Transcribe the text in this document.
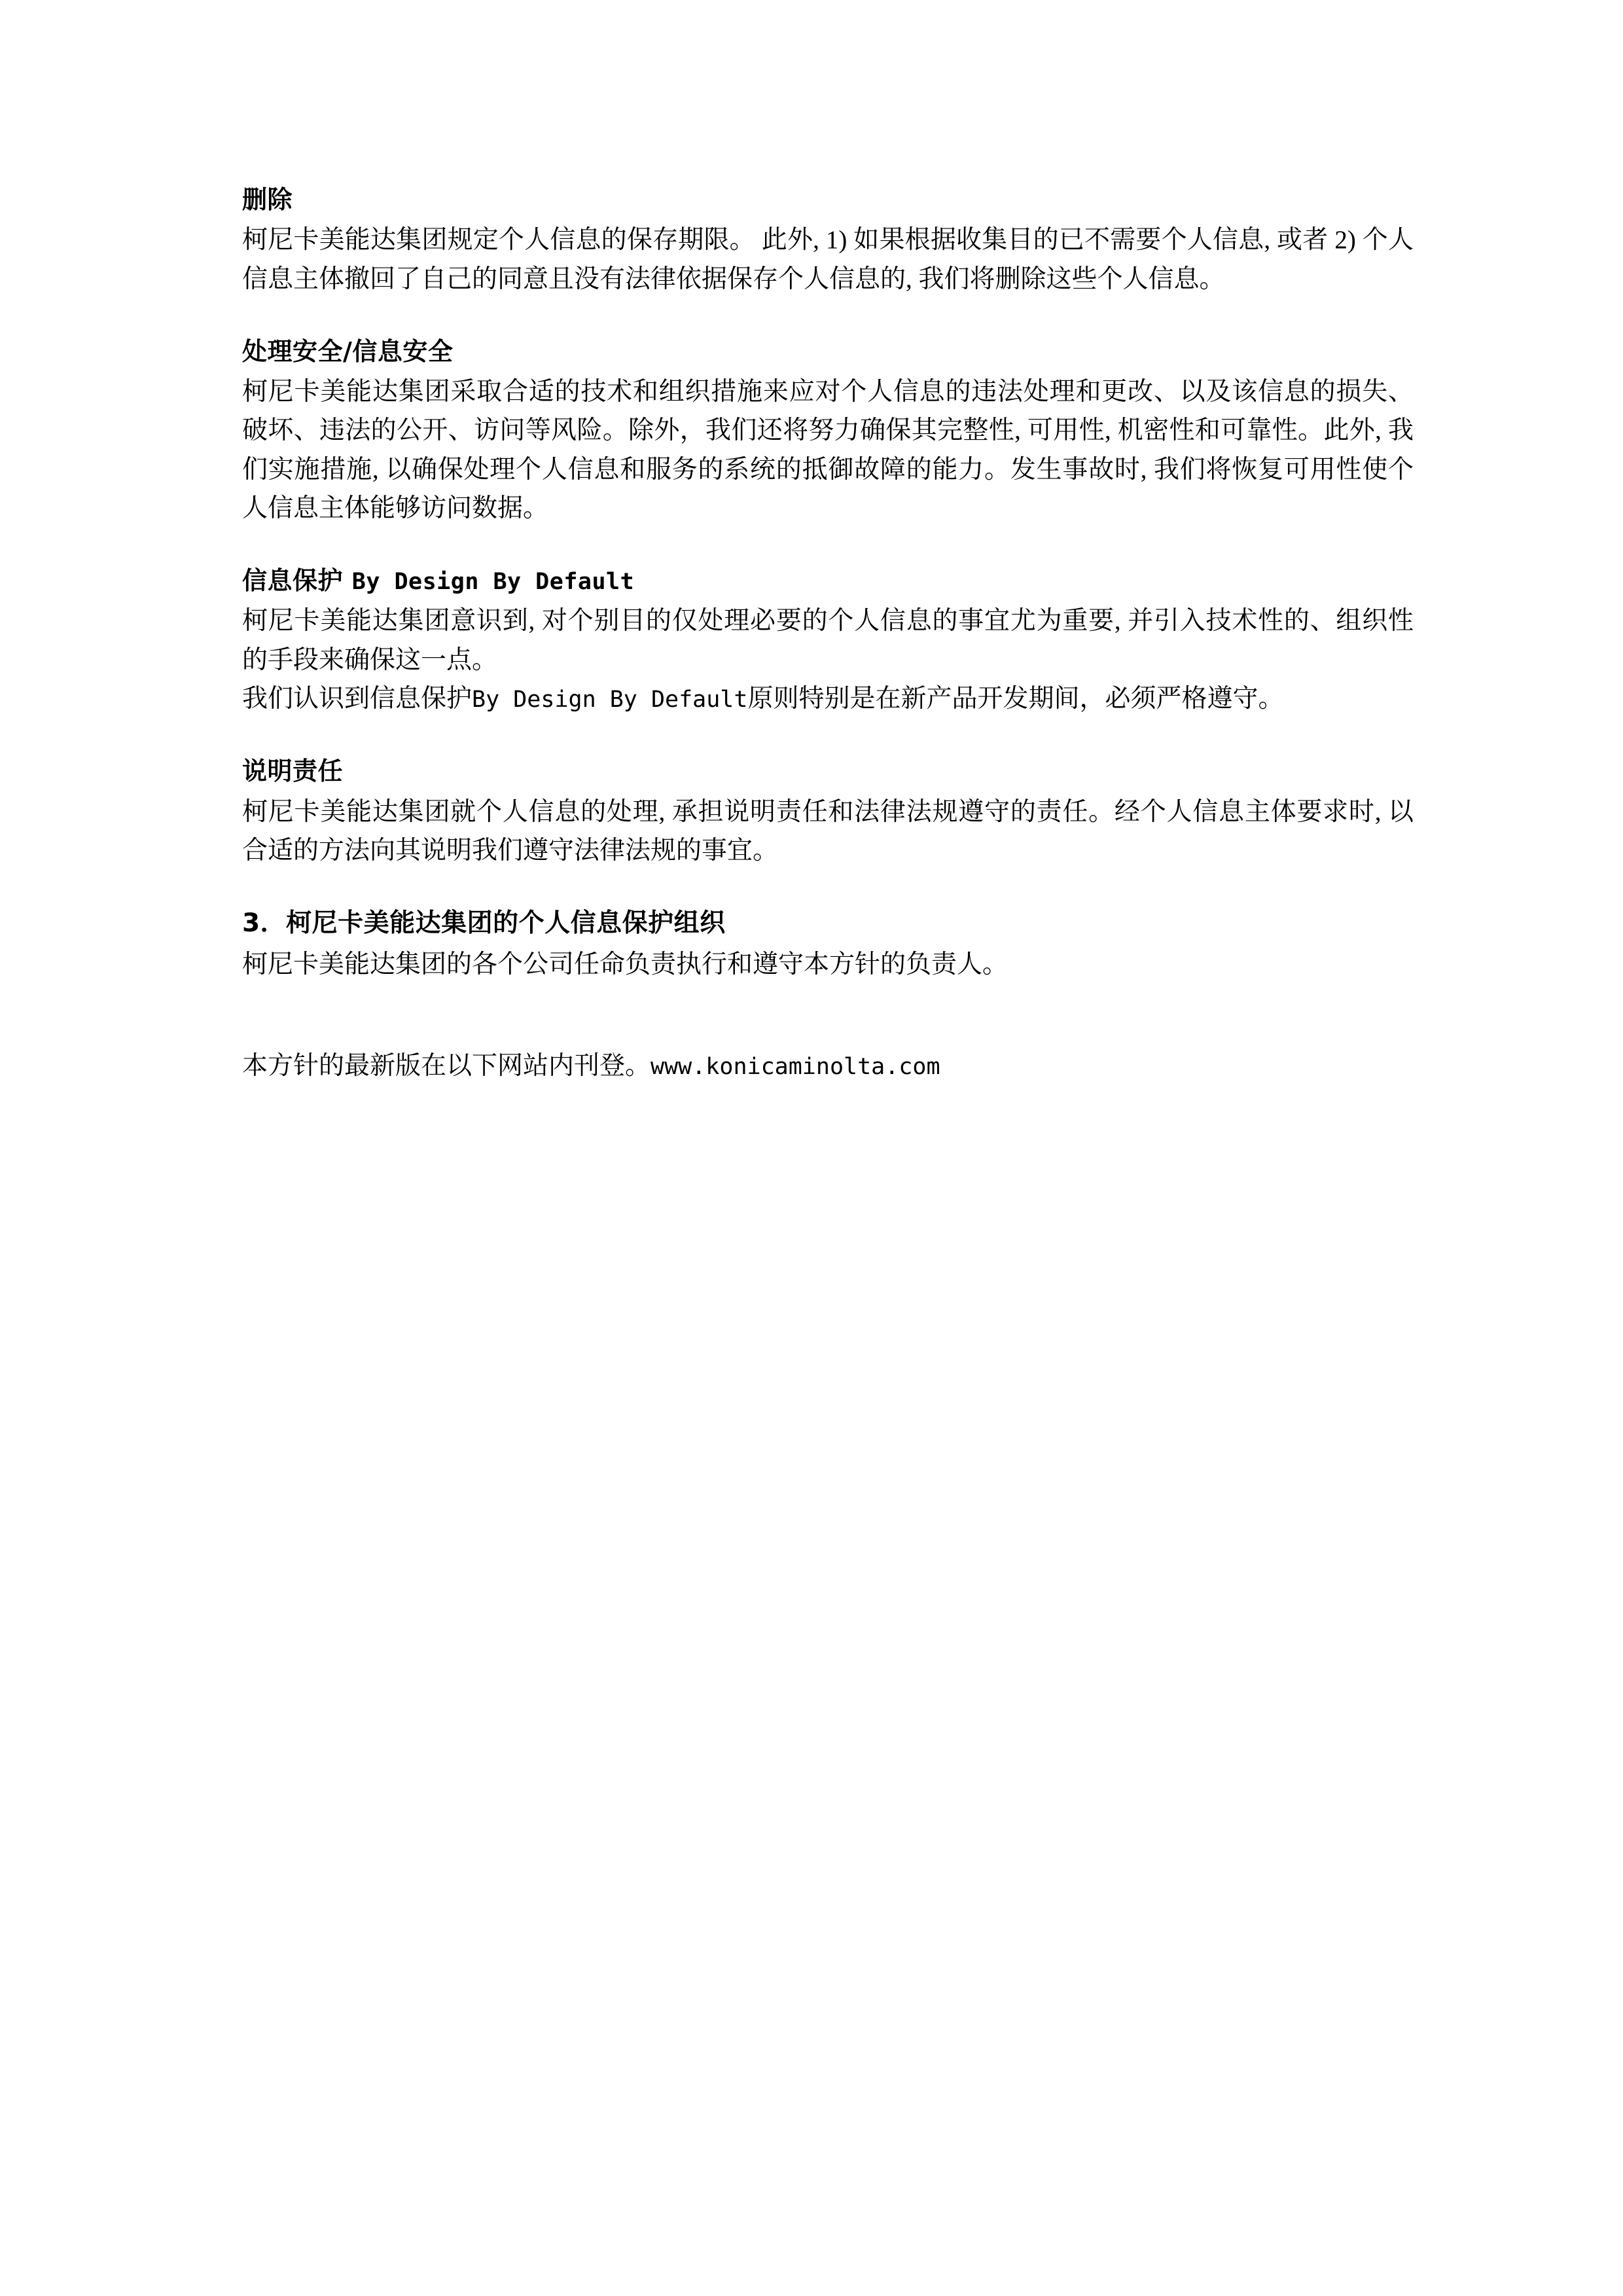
删除

柯尼卡美能达集团规定个人信息的保存期限。 此外, 1) 如果根据收集目的已不需要个人信息, 或者 2) 个人信息主体撤回了自己的同意且没有法律依据保存个人信息的, 我们将删除这些个人信息。

处理安全/信息安全

柯尼卡美能达集团采取合适的技术和组织措施来应对个人信息的违法处理和更改、以及该信息的损失、破坏、违法的公开、访问等风险。除外，我们还将努力确保其完整性, 可用性, 机密性和可靠性。此外, 我们实施措施, 以确保处理个人信息和服务的系统的抵御故障的能力。发生事故时, 我们将恢复可用性使个人信息主体能够访问数据。

信息保护 By Design By Default

柯尼卡美能达集团意识到, 对个别目的仅处理必要的个人信息的事宜尤为重要, 并引入技术性的、组织性的手段来确保这一点。

我们认识到信息保护By Design By Default原则特别是在新产品开发期间，必须严格遵守。

说明责任

柯尼卡美能达集团就个人信息的处理, 承担说明责任和法律法规遵守的责任。经个人信息主体要求时, 以合适的方法向其说明我们遵守法律法规的事宜。

3．柯尼卡美能达集团的个人信息保护组织

柯尼卡美能达集团的各个公司任命负责执行和遵守本方针的负责人。

本方针的最新版在以下网站内刊登。www.konicaminolta.com
